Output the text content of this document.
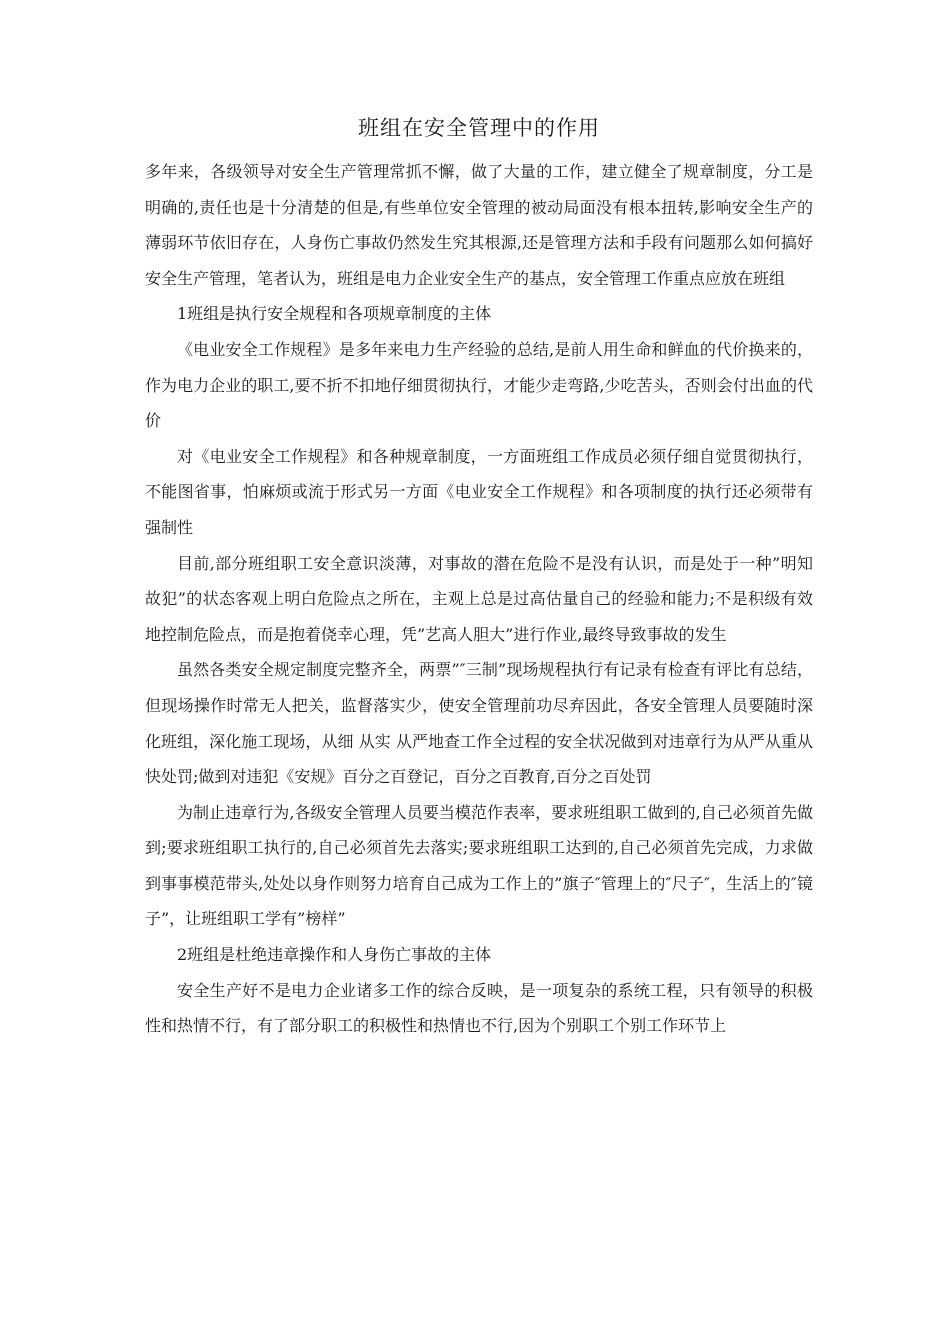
班组在安全管理中的作用

多年来，各级领导对安全生产管理常抓不懈，做了大量的工作，建立健全了规章制度，分工是明确的,责任也是十分清楚的但是,有些单位安全管理的被动局面没有根本扭转,影响安全生产的薄弱环节依旧存在，人身伤亡事故仍然发生究其根源,还是管理方法和手段有问题那么如何搞好安全生产管理，笔者认为，班组是电力企业安全生产的基点，安全管理工作重点应放在班组

1班组是执行安全规程和各项规章制度的主体

《电业安全工作规程》是多年来电力生产经验的总结,是前人用生命和鲜血的代价换来的，作为电力企业的职工,要不折不扣地仔细贯彻执行，才能少走弯路,少吃苦头，否则会付出血的代价

对《电业安全工作规程》和各种规章制度，一方面班组工作成员必须仔细自觉贯彻执行，不能图省事，怕麻烦或流于形式另一方面《电业安全工作规程》和各项制度的执行还必须带有强制性

目前,部分班组职工安全意识淡薄，对事故的潜在危险不是没有认识，而是处于一种”明知故犯”的状态客观上明白危险点之所在，主观上总是过高估量自己的经验和能力;不是积级有效地控制危险点，而是抱着侥幸心理，凭”艺高人胆大”进行作业,最终导致事故的发生

虽然各类安全规定制度完整齐全，两票”″三制”现场规程执行有记录有检查有评比有总结，但现场操作时常无人把关，监督落实少，使安全管理前功尽弃因此，各安全管理人员要随时深化班组，深化施工现场，从细 从实 从严地查工作全过程的安全状况做到对违章行为从严从重从快处罚;做到对违犯《安规》百分之百登记，百分之百教育,百分之百处罚

为制止违章行为,各级安全管理人员要当模范作表率，要求班组职工做到的,自己必须首先做到;要求班组职工执行的,自己必须首先去落实;要求班组职工达到的,自己必须首先完成，力求做到事事模范带头,处处以身作则努力培育自己成为工作上的”旗子″管理上的″尺子″，生活上的″镜子”，让班组职工学有”榜样”

2班组是杜绝违章操作和人身伤亡事故的主体

安全生产好不是电力企业诸多工作的综合反映，是一项复杂的系统工程，只有领导的积极性和热情不行，有了部分职工的积极性和热情也不行,因为个别职工个别工作环节上
